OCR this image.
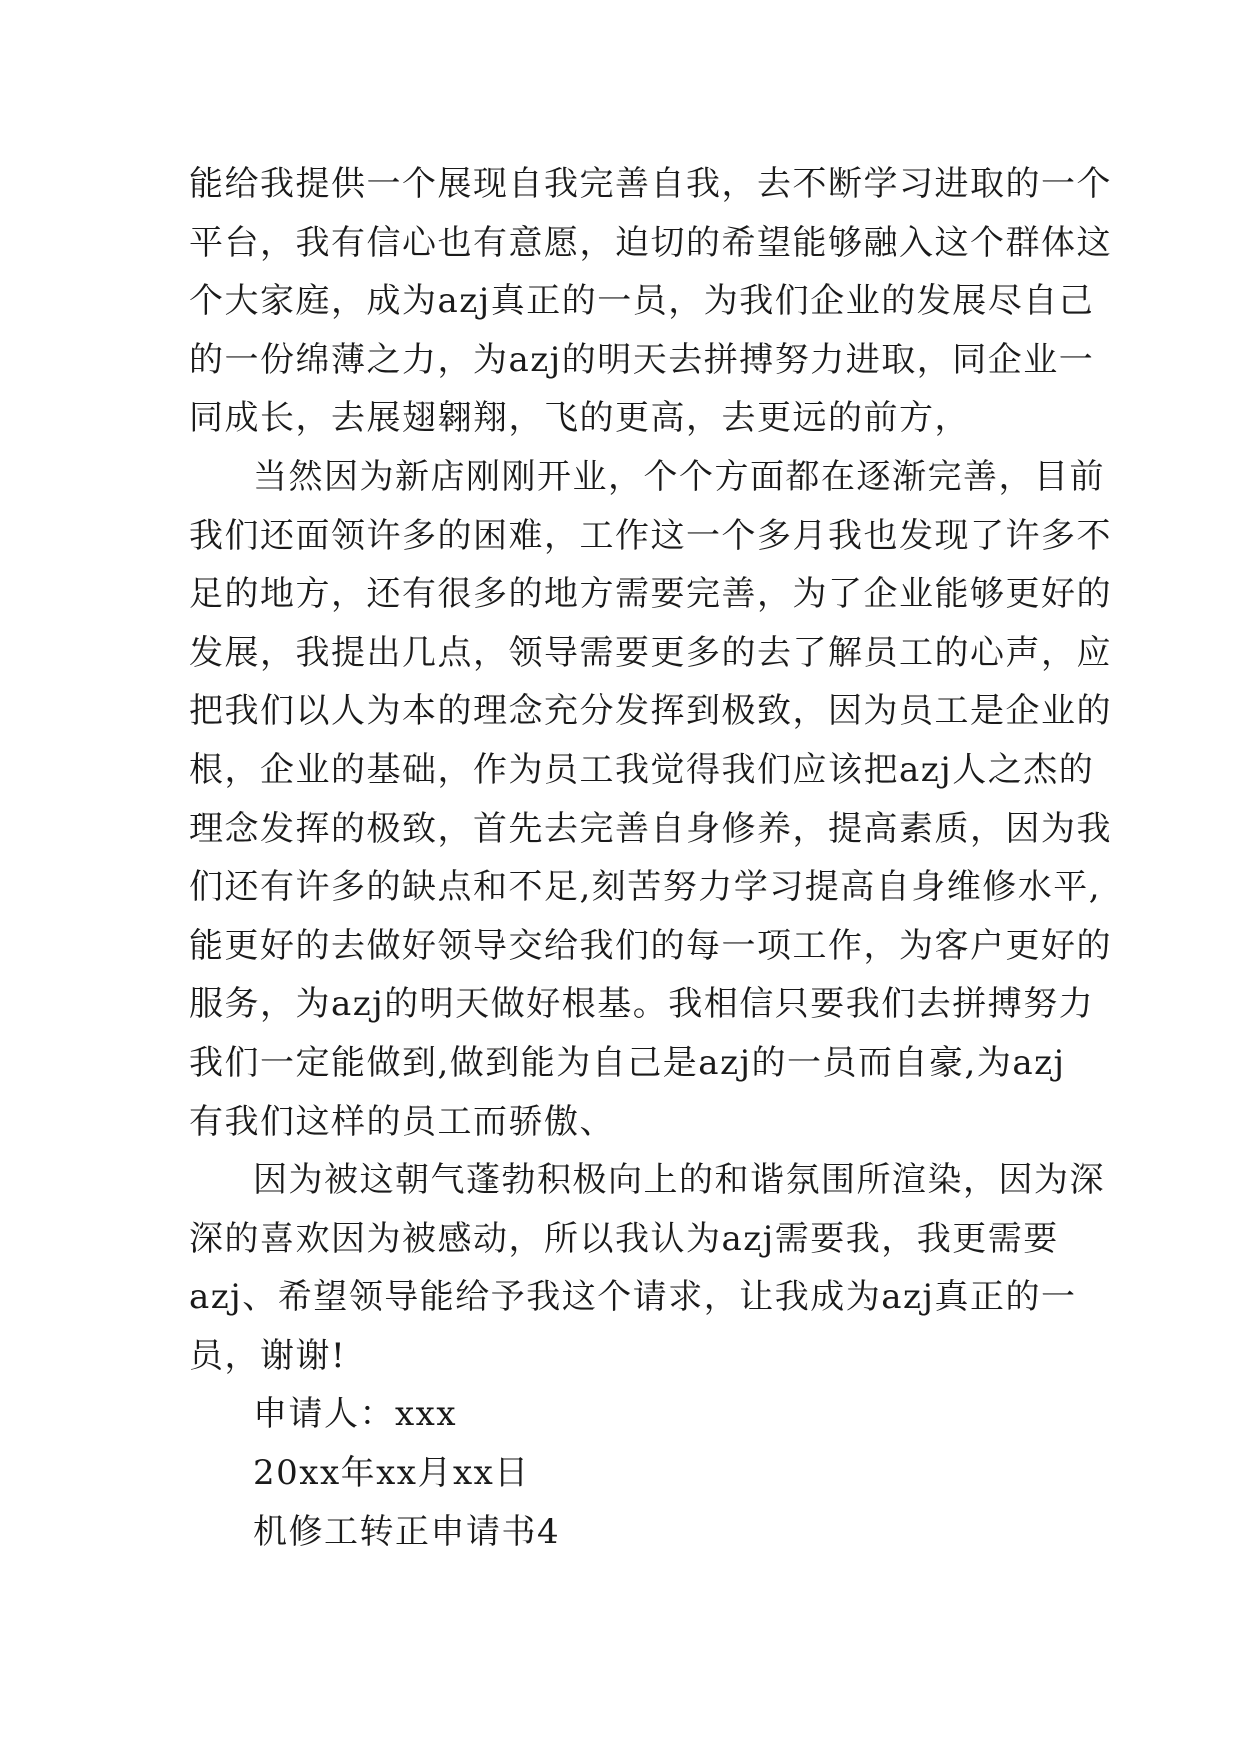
能给我提供一个展现自我完善自我，去不断学习进取的一个
平台，我有信心也有意愿，迫切的希望能够融入这个群体这
个大家庭，成为azj真正的一员，为我们企业的发展尽自己
的一份绵薄之力，为azj的明天去拼搏努力进取，同企业一
同成长，去展翅翱翔，飞的更高，去更远的前方，
当然因为新店刚刚开业，个个方面都在逐渐完善，目前
我们还面领许多的困难，工作这一个多月我也发现了许多不
足的地方，还有很多的地方需要完善，为了企业能够更好的
发展，我提出几点，领导需要更多的去了解员工的心声，应
把我们以人为本的理念充分发挥到极致，因为员工是企业的
根，企业的基础，作为员工我觉得我们应该把azj人之杰的
理念发挥的极致，首先去完善自身修养，提高素质，因为我
们还有许多的缺点和不足,刻苦努力学习提高自身维修水平,
能更好的去做好领导交给我们的每一项工作，为客户更好的
服务，为azj的明天做好根基。我相信只要我们去拼搏努力
我们一定能做到,做到能为自己是azj的一员而自豪,为azj
有我们这样的员工而骄傲、
因为被这朝气蓬勃积极向上的和谐氛围所渲染，因为深
深的喜欢因为被感动，所以我认为azj需要我，我更需要
azj、希望领导能给予我这个请求，让我成为azj真正的一
员，谢谢!
申请人：xxx
20xx年xx月xx日
机修工转正申请书4
